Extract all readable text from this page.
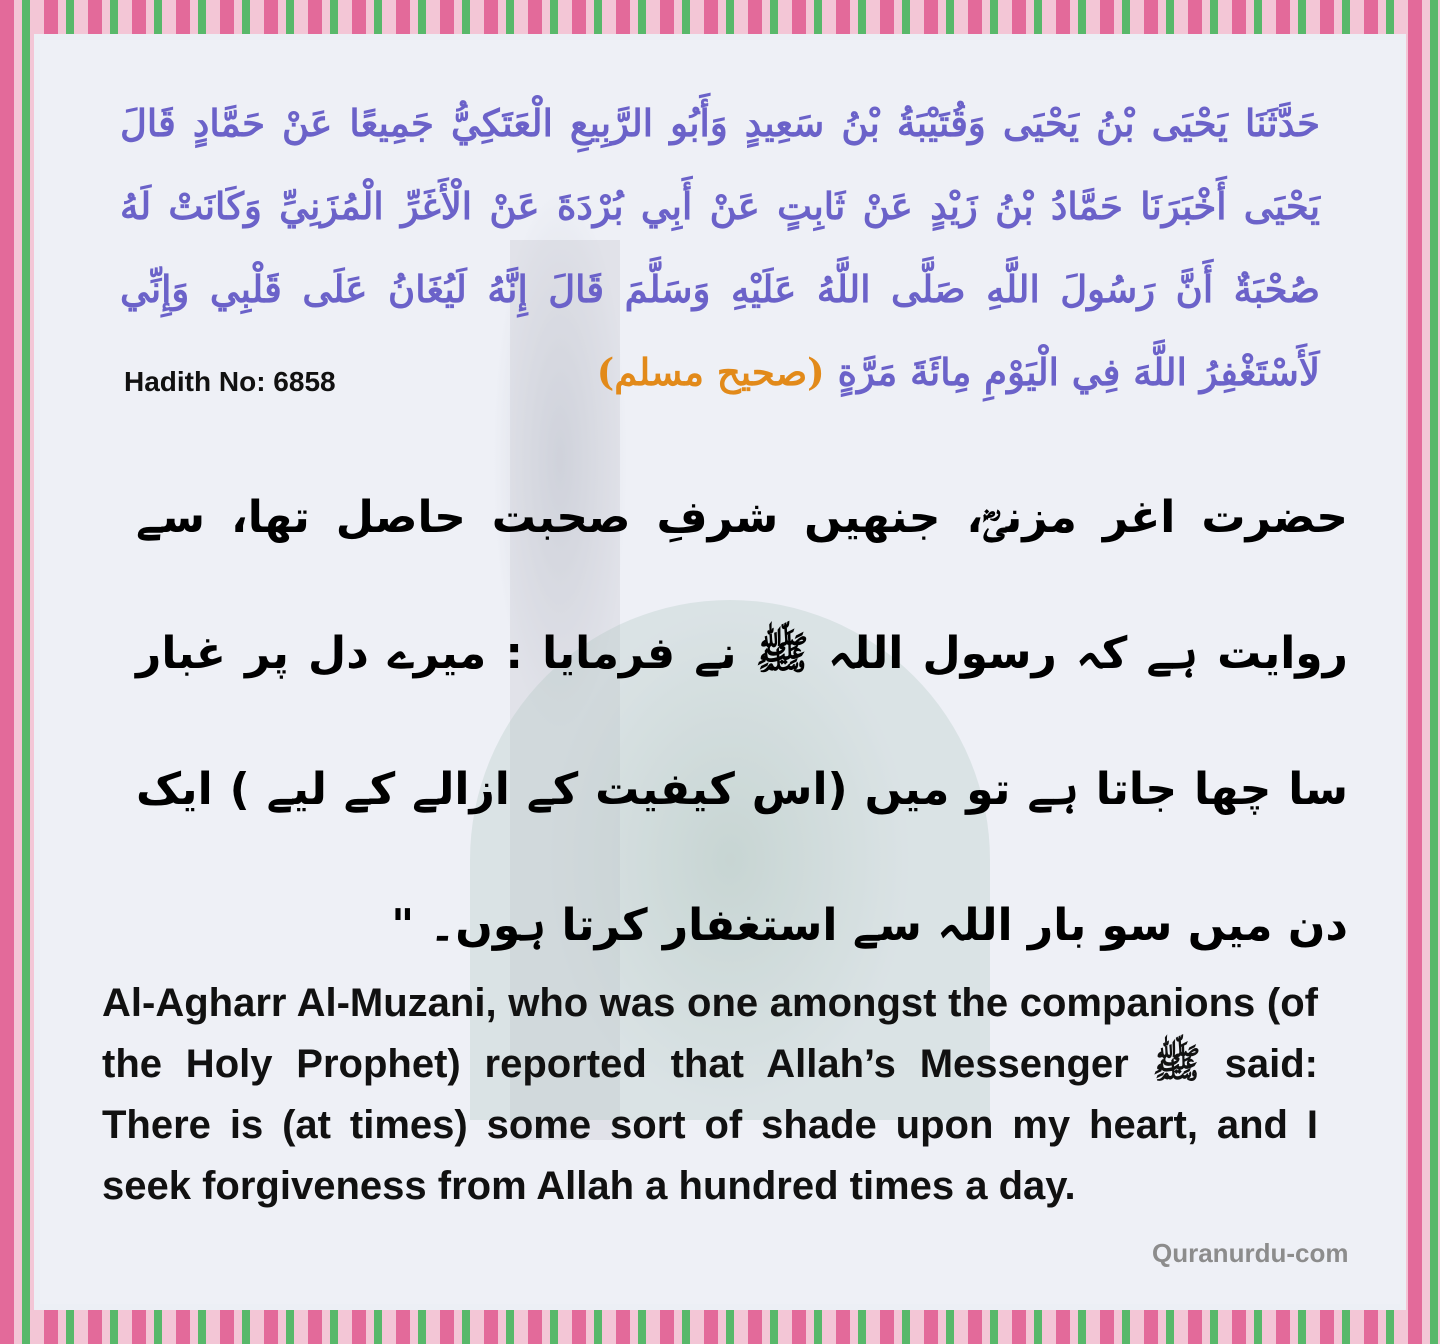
حَدَّثَنَا يَحْيَى بْنُ يَحْيَى وَقُتَيْبَةُ بْنُ سَعِيدٍ وَأَبُو الرَّبِيعِ الْعَتَكِيُّ جَمِيعًا عَنْ حَمَّادٍ قَالَ يَحْيَى أَخْبَرَنَا حَمَّادُ بْنُ زَيْدٍ عَنْ ثَابِتٍ عَنْ أَبِي بُرْدَةَ عَنْ الْأَغَرِّ الْمُزَنِيِّ وَكَانَتْ لَهُ صُحْبَةٌ أَنَّ رَسُولَ اللَّهِ صَلَّى اللَّهُ عَلَيْهِ وَسَلَّمَ قَالَ إِنَّهُ لَيُغَانُ عَلَى قَلْبِي وَإِنِّي لَأَسْتَغْفِرُ اللَّهَ فِي الْيَوْمِ مِائَةَ مَرَّةٍ (صحیح مسلم)
Hadith No: 6858
حضرت اغر مزنیؓ، جنھیں شرفِ صحبت حاصل تھا، سے روایت ہے کہ رسول اللہ ﷺ نے فرمایا : میرے دل پر غبار سا چھا جاتا ہے تو میں (اس کیفیت کے ازالے کے لیے ) ایک دن میں سو بار اللہ سے استغفار کرتا ہوں۔ "
Al-Agharr Al-Muzani, who was one amongst the companions (of the Holy Prophet) reported that Allah’s Messenger ﷺ said: There is (at times) some sort of shade upon my heart, and I seek forgiveness from Allah a hundred times a day.
Quranurdu-com
